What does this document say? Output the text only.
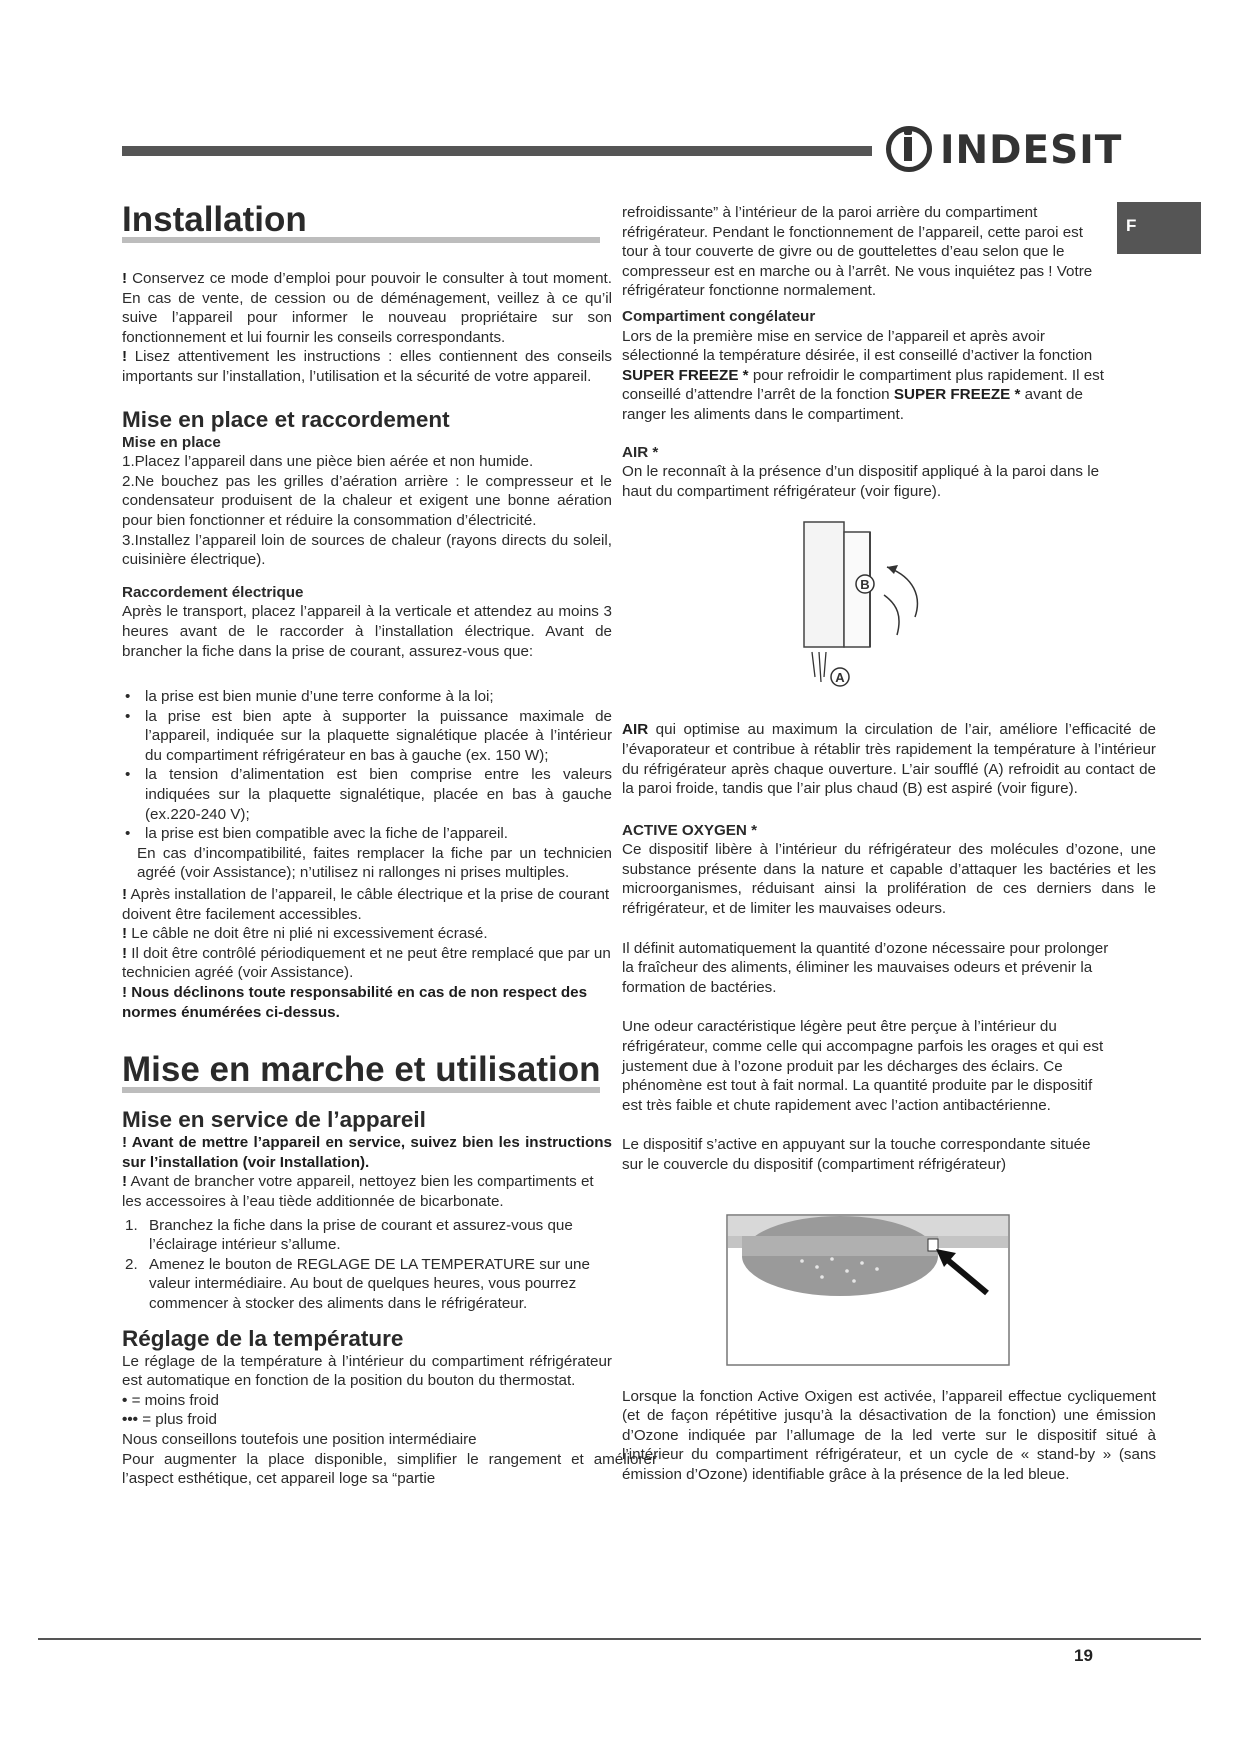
INDESIT
F
Installation

! Conservez ce mode d’emploi pour pouvoir le consulter à tout moment. En cas de vente, de cession ou de déménagement, veillez à ce qu’il suive l’appareil pour informer le nouveau propriétaire sur son fonctionnement et lui fournir les conseils correspondants.

! Lisez attentivement les instructions : elles contiennent des conseils importants sur l’installation, l’utilisation et la sécurité de votre appareil.

Mise en place et raccordement
Mise en place

1.Placez l’appareil dans une pièce bien aérée et non humide.

2.Ne bouchez pas les grilles d’aération arrière : le compresseur et le condensateur produisent de la chaleur et exigent une bonne aération pour bien fonctionner et réduire la consommation d’électricité.

3.Installez l’appareil loin de sources de chaleur (rayons directs du soleil, cuisinière électrique).

Raccordement électrique

Après le transport, placez l’appareil à la verticale et attendez au moins 3 heures avant de le raccorder à l’installation électrique. Avant de brancher la fiche dans la prise de courant, assurez-vous que:

• la prise est bien munie d’une terre conforme à la loi;
• la prise est bien apte à supporter la puissance maximale de l’appareil, indiquée sur la plaquette signalétique placée à l’intérieur du compartiment réfrigérateur en bas à gauche (ex. 150 W);
• la tension d’alimentation est bien comprise entre les valeurs indiquées sur la plaquette signalétique, placée en bas à gauche (ex.220-240 V);
• la prise est bien compatible avec la fiche de l’appareil.

En cas d’incompatibilité, faites remplacer la fiche par un technicien agréé (voir Assistance); n’utilisez ni rallonges ni prises multiples.

! Après installation de l’appareil, le câble électrique et la prise de courant doivent être facilement accessibles.

! Le câble ne doit être ni plié ni excessivement écrasé.

! Il doit être contrôlé périodiquement et ne peut être remplacé que par un technicien agréé (voir Assistance).

! Nous déclinons toute responsabilité en cas de non respect des normes énumérées ci-dessus.

Mise en marche et utilisation
Mise en service de l’appareil

! Avant de mettre l’appareil en service, suivez bien les instructions sur l’installation (voir Installation).

! Avant de brancher votre appareil, nettoyez bien les compartiments et les accessoires à l’eau tiède additionnée de bicarbonate.

1. Branchez la fiche dans la prise de courant et assurez-vous que l’éclairage intérieur s’allume.
2. Amenez le bouton de REGLAGE DE LA TEMPERATURE sur une valeur intermédiaire. Au bout de quelques heures, vous pourrez commencer à stocker des aliments dans le réfrigérateur.
Réglage de la température

Le réglage de la température à l’intérieur du compartiment réfrigérateur est automatique en fonction de la position du bouton du thermostat.

• = moins froid

••• = plus froid

Nous conseillons toutefois une position intermédiaire

Pour augmenter la place disponible, simplifier le rangement et améliorer l’aspect esthétique, cet appareil loge sa “partie

refroidissante” à l’intérieur de la paroi arrière du compartiment réfrigérateur. Pendant le fonctionnement de l’appareil, cette paroi est tour à tour couverte de givre ou de gouttelettes d’eau selon que le compresseur est en marche ou à l’arrêt. Ne vous inquiétez pas ! Votre réfrigérateur fonctionne normalement.

Compartiment congélateur

Lors de la première mise en service de l’appareil et après avoir sélectionné la température désirée, il est conseillé d’activer la fonction SUPER FREEZE * pour refroidir le compartiment plus rapidement. Il est conseillé d’attendre l’arrêt de la fonction SUPER FREEZE * avant de ranger les aliments dans le compartiment.

AIR *

On le reconnaît à la présence d’un dispositif appliqué à la paroi dans le haut du compartiment réfrigérateur (voir figure).

B
A

AIR qui optimise au maximum la circulation de l’air, améliore l’efficacité de l’évaporateur et contribue à rétablir très rapidement la température à l’intérieur du réfrigérateur après chaque ouverture. L’air soufflé (A) refroidit au contact de la paroi froide, tandis que l’air plus chaud (B) est aspiré (voir figure).

ACTIVE OXYGEN *

Ce dispositif libère à l’intérieur du réfrigérateur des molécules d’ozone, une substance présente dans la nature et capable d’attaquer les bactéries et les microorganismes, réduisant ainsi la prolifération de ces derniers dans le réfrigérateur, et de limiter les mauvaises odeurs.

Il définit automatiquement la quantité d’ozone nécessaire pour prolonger la fraîcheur des aliments, éliminer les mauvaises odeurs et prévenir la formation de bactéries.

Une odeur caractéristique légère peut être perçue à l’intérieur du réfrigérateur, comme celle qui accompagne parfois les orages et qui est justement due à l’ozone produit par les décharges des éclairs. Ce phénomène est tout à fait normal. La quantité produite par le dispositif est très faible et chute rapidement avec l’action antibactérienne.

Le dispositif s’active en appuyant sur la touche correspondante située sur le couvercle du dispositif (compartiment réfrigérateur)

Lorsque la fonction Active Oxigen est activée, l’appareil effectue cycliquement (et de façon répétitive jusqu’à la désactivation de la fonction) une émission d’Ozone indiquée par l’allumage de la led verte sur le dispositif situé à l’intérieur du compartiment réfrigérateur, et un cycle de « stand-by » (sans émission d’Ozone) identifiable grâce à la présence de la led bleue.

19
